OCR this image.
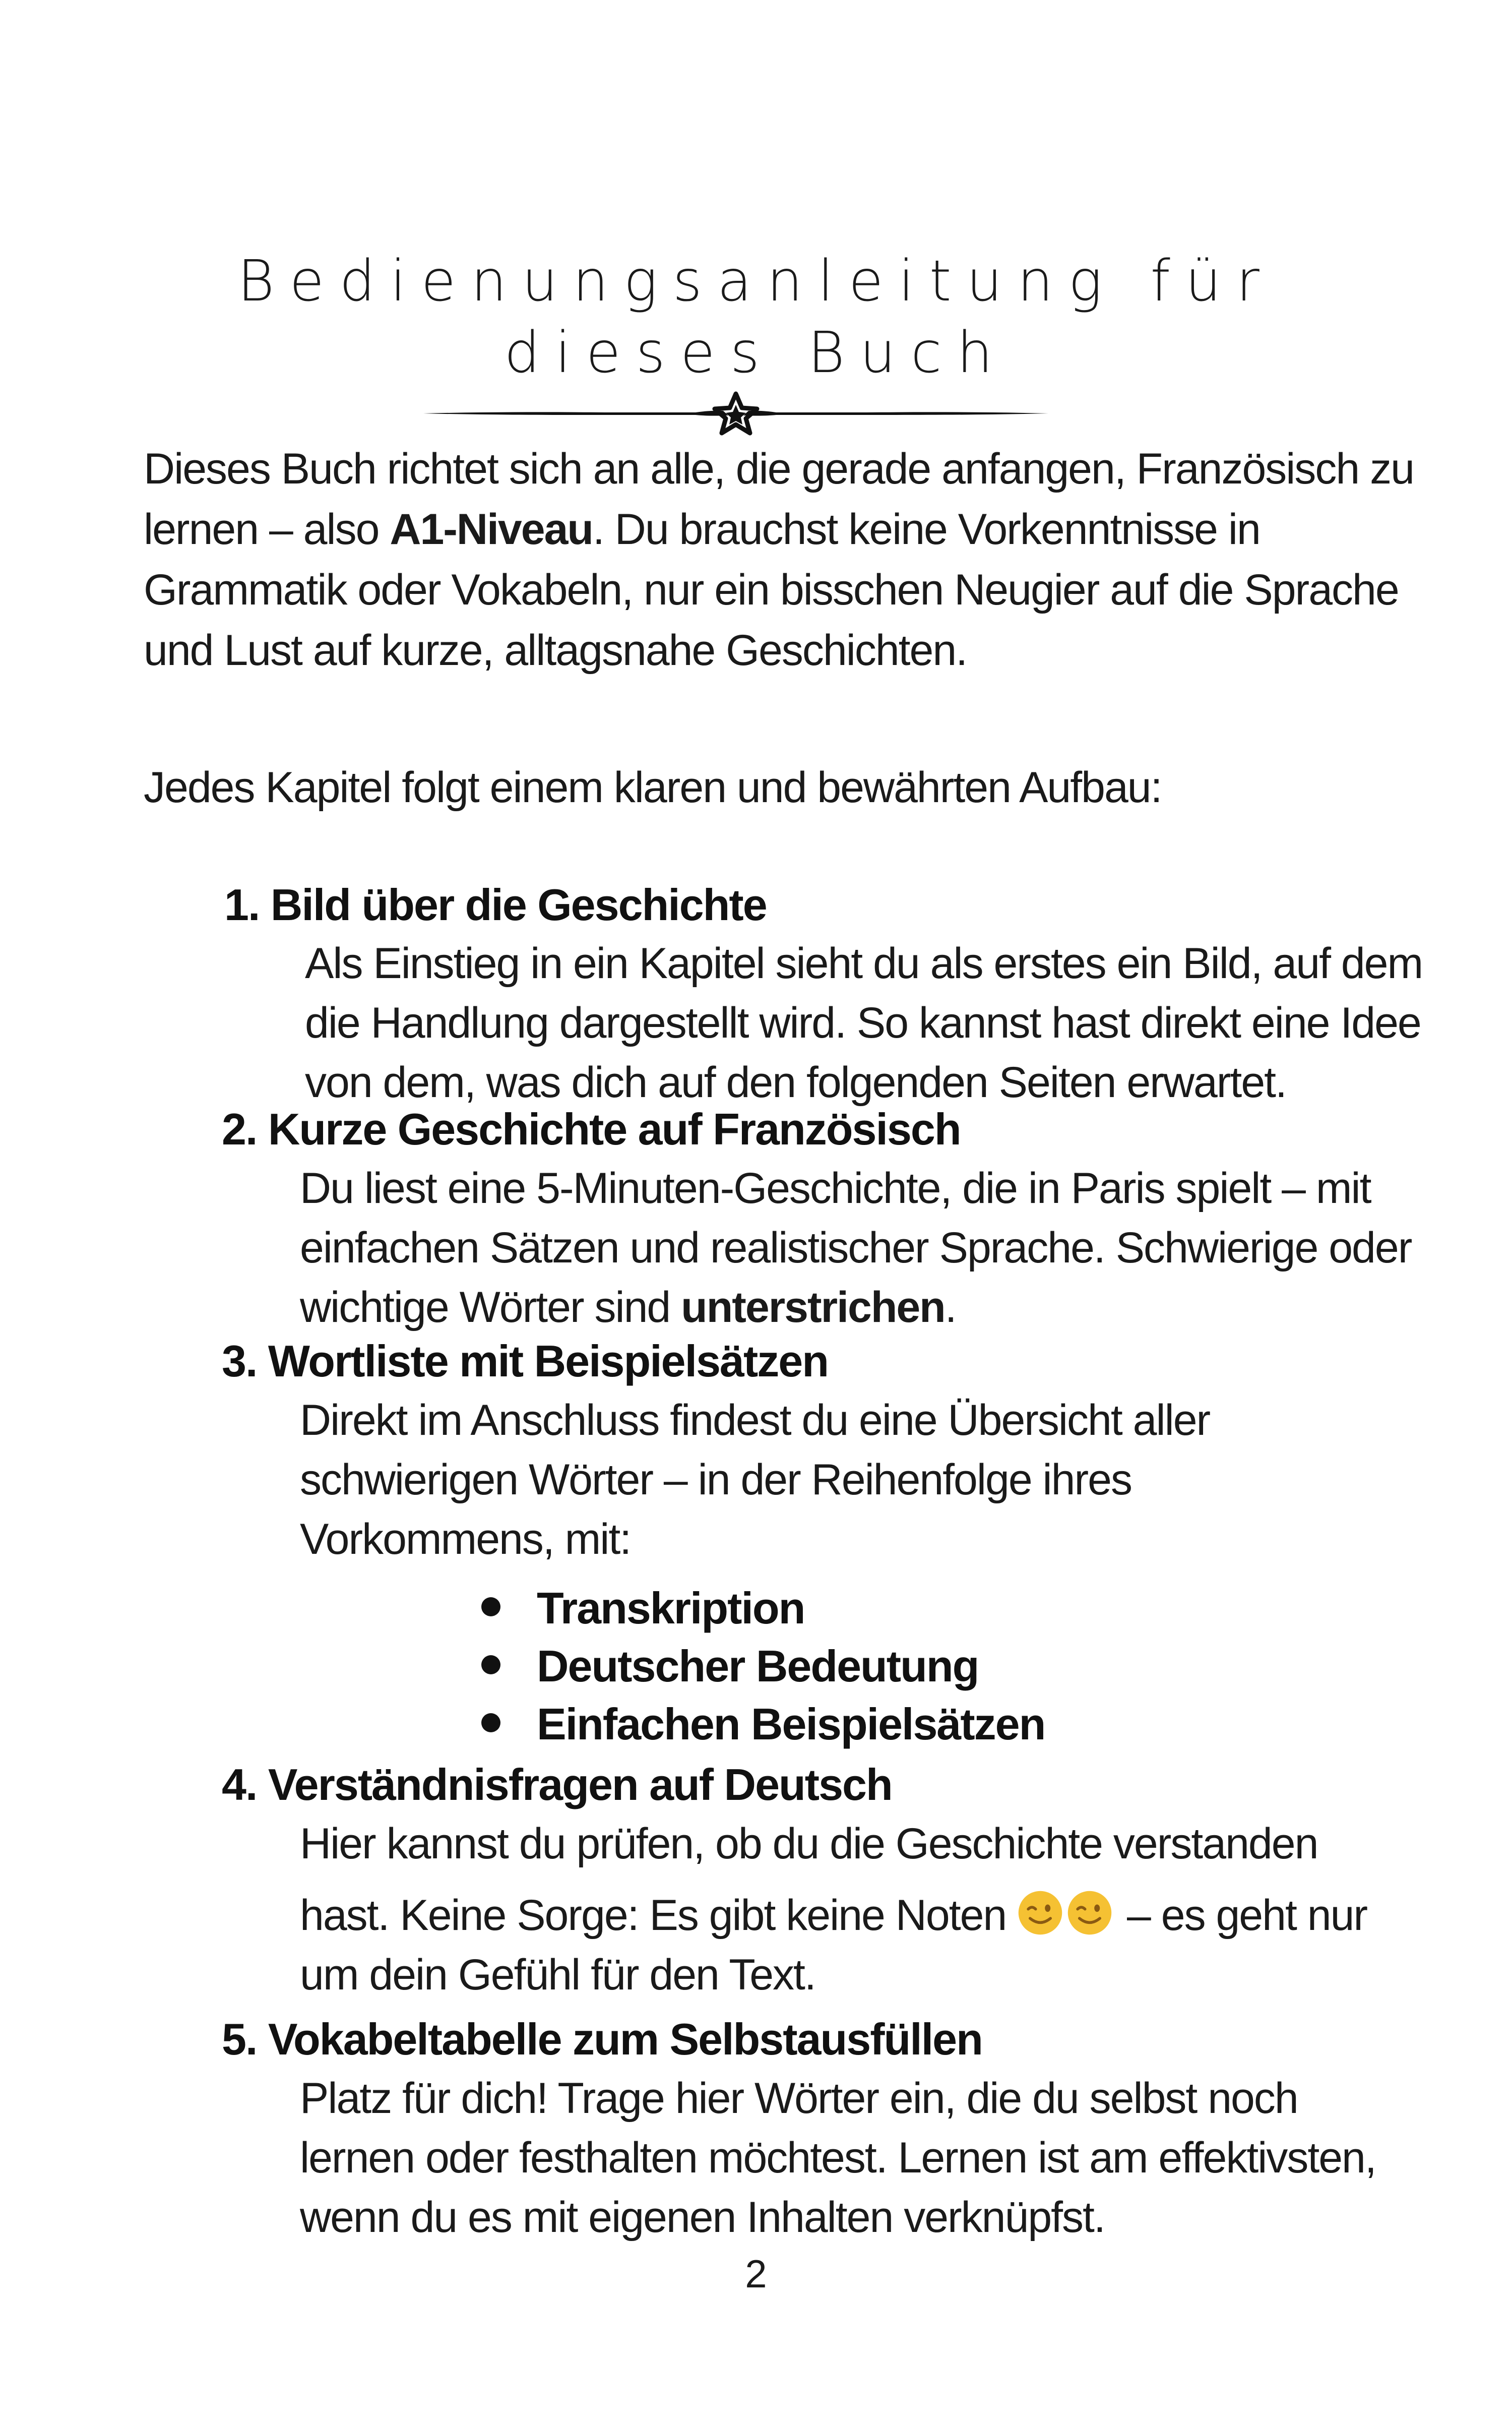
Bedienungsanleitung für
dieses Buch

Dieses Buch richtet sich an alle, die gerade anfangen, Französisch zu lernen – also A1-Niveau. Du brauchst keine Vorkenntnisse in Grammatik oder Vokabeln, nur ein bisschen Neugier auf die Sprache und Lust auf kurze, alltagsnahe Geschichten.

Jedes Kapitel folgt einem klaren und bewährten Aufbau:

1. Bild über die Geschichte
Als Einstieg in ein Kapitel sieht du als erstes ein Bild, auf dem die Handlung dargestellt wird. So kannst hast direkt eine Idee von dem, was dich auf den folgenden Seiten erwartet.
2. Kurze Geschichte auf Französisch
Du liest eine 5-Minuten-Geschichte, die in Paris spielt – mit einfachen Sätzen und realistischer Sprache. Schwierige oder wichtige Wörter sind unterstrichen.
3. Wortliste mit Beispielsätzen
Direkt im Anschluss findest du eine Übersicht aller schwierigen Wörter – in der Reihenfolge ihres Vorkommens, mit:
Transkription
Deutscher Bedeutung
Einfachen Beispielsätzen
4. Verständnisfragen auf Deutsch
Hier kannst du prüfen, ob du die Geschichte verstanden
hast. Keine Sorge: Es gibt keine Noten  – es geht nur
um dein Gefühl für den Text.
5. Vokabeltabelle zum Selbstausfüllen
Platz für dich! Trage hier Wörter ein, die du selbst noch lernen oder festhalten möchtest. Lernen ist am effektivsten, wenn du es mit eigenen Inhalten verknüpfst.
2
